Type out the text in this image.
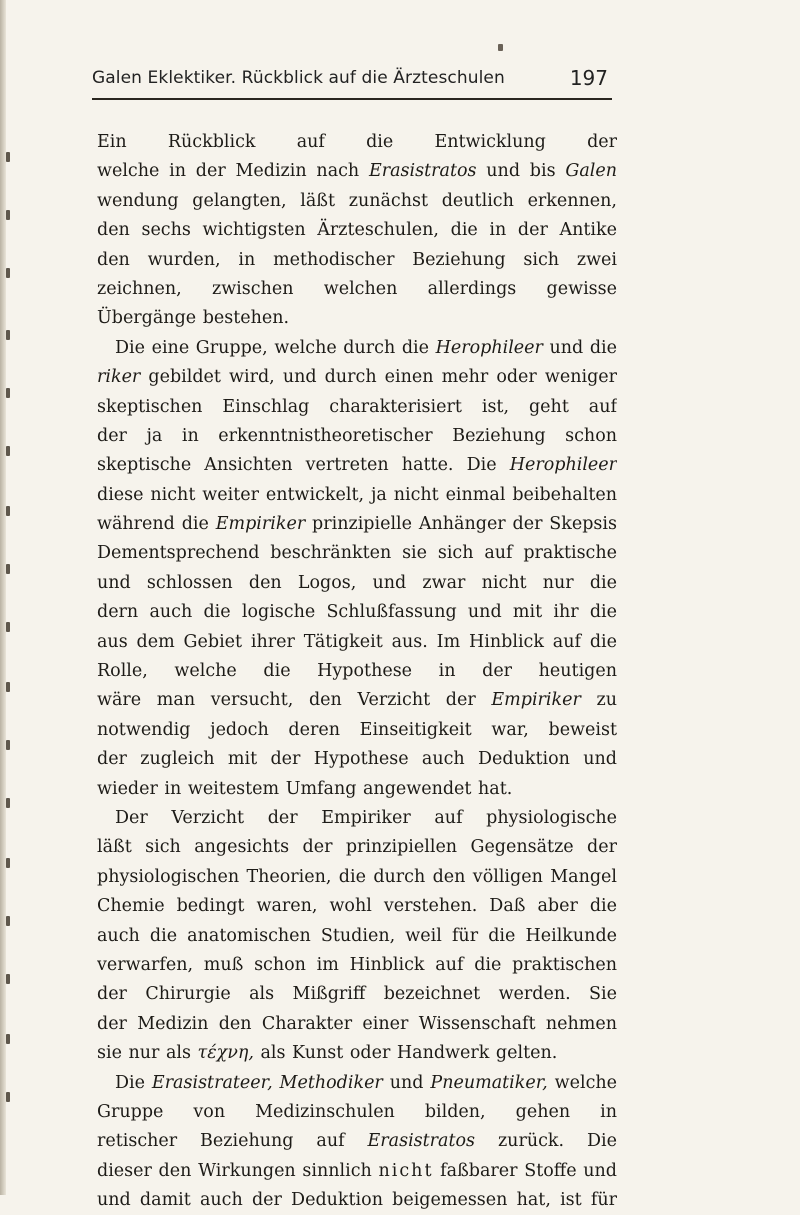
Galen Eklektiker. Rückblick auf die Ärzteschulen	197
Ein Rückblick auf die Entwicklung der
welche in der Medizin nach Erasistratos und bis Galen
wendung gelangten, läßt zunächst deutlich erkennen,
den sechs wichtigsten Ärzteschulen, die in der Antike
den wurden, in methodischer Beziehung sich zwei
zeichnen, zwischen welchen allerdings gewisse
Übergänge bestehen.
Die eine Gruppe, welche durch die Herophileer und die
riker gebildet wird, und durch einen mehr oder weniger
skeptischen Einschlag charakterisiert ist, geht auf
der ja in erkenntnistheoretischer Beziehung schon
skeptische Ansichten vertreten hatte. Die Herophileer
diese nicht weiter entwickelt, ja nicht einmal beibehalten
während die Empiriker prinzipielle Anhänger der Skepsis
Dementsprechend beschränkten sie sich auf praktische
und schlossen den Logos, und zwar nicht nur die
dern auch die logische Schlußfassung und mit ihr die
aus dem Gebiet ihrer Tätigkeit aus. Im Hinblick auf die
Rolle, welche die Hypothese in der heutigen
wäre man versucht, den Verzicht der Empiriker zu
notwendig jedoch deren Einseitigkeit war, beweist
der zugleich mit der Hypothese auch Deduktion und
wieder in weitestem Umfang angewendet hat.
Der Verzicht der Empiriker auf physiologische
läßt sich angesichts der prinzipiellen Gegensätze der
physiologischen Theorien, die durch den völligen Mangel
Chemie bedingt waren, wohl verstehen. Daß aber die
auch die anatomischen Studien, weil für die Heilkunde
verwarfen, muß schon im Hinblick auf die praktischen
der Chirurgie als Mißgriff bezeichnet werden. Sie
der Medizin den Charakter einer Wissenschaft nehmen
sie nur als τέχνη, als Kunst oder Handwerk gelten.
Die Erasistrateer, Methodiker und Pneumatiker, welche
Gruppe von Medizinschulen bilden, gehen in
retischer Beziehung auf Erasistratos zurück. Die
dieser den Wirkungen sinnlich nicht faßbarer Stoffe und
und damit auch der Deduktion beigemessen hat, ist für
